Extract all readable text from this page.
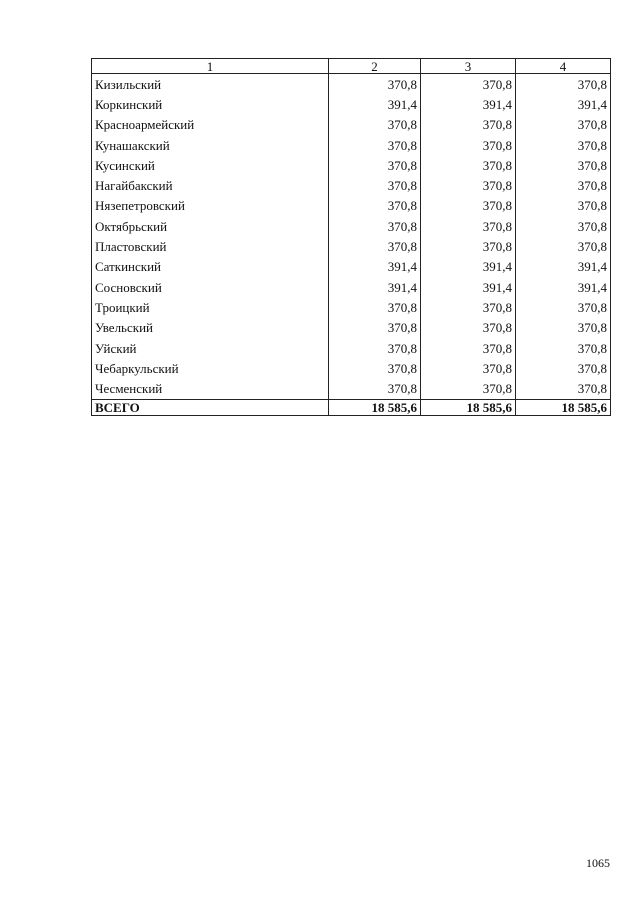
1	2	3	4
Кизильский	370,8	370,8	370,8
Коркинский	391,4	391,4	391,4
Красноармейский	370,8	370,8	370,8
Кунашакский	370,8	370,8	370,8
Кусинский	370,8	370,8	370,8
Нагайбакский	370,8	370,8	370,8
Нязепетровский	370,8	370,8	370,8
Октябрьский	370,8	370,8	370,8
Пластовский	370,8	370,8	370,8
Саткинский	391,4	391,4	391,4
Сосновский	391,4	391,4	391,4
Троицкий	370,8	370,8	370,8
Увельский	370,8	370,8	370,8
Уйский	370,8	370,8	370,8
Чебаркульский	370,8	370,8	370,8
Чесменский	370,8	370,8	370,8
ВСЕГО	18 585,6	18 585,6	18 585,6
1065
